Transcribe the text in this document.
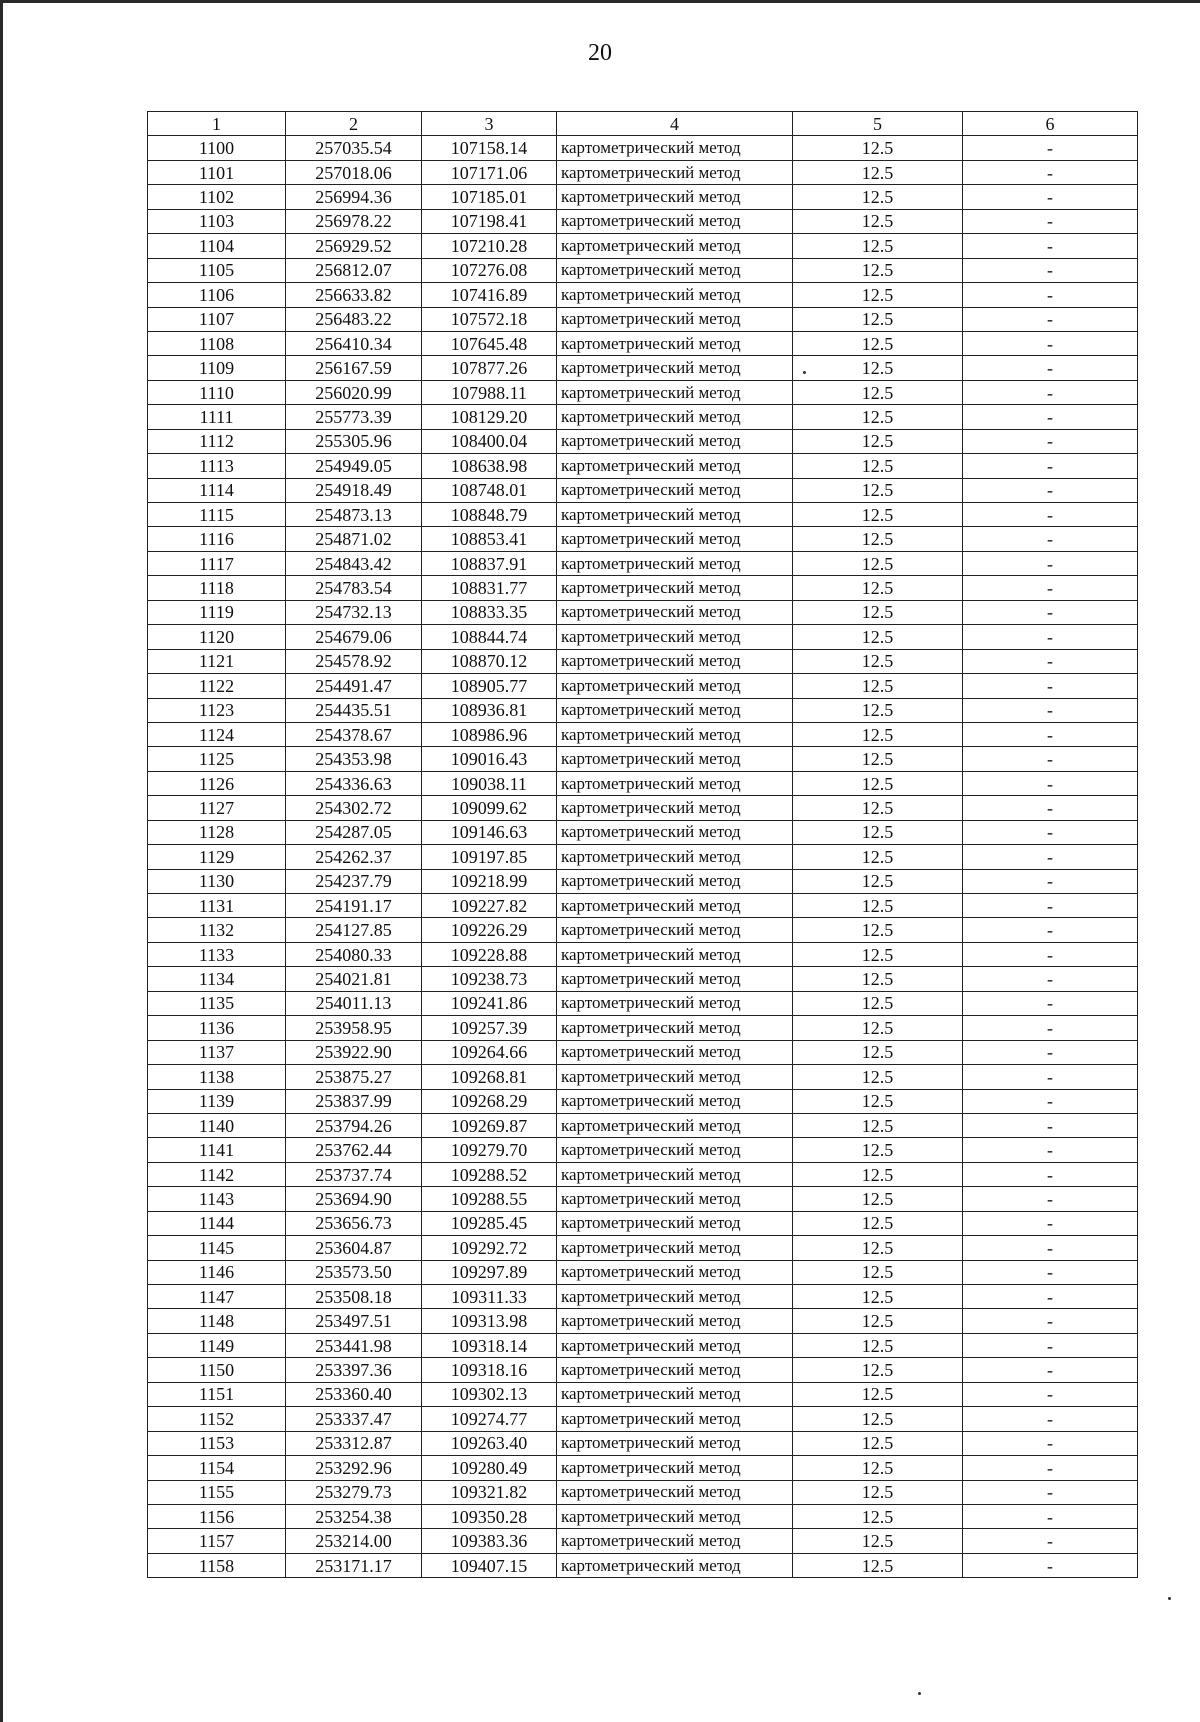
20
1	2	3	4	5	6
1100	257035.54	107158.14	картометрический метод	12.5	-
1101	257018.06	107171.06	картометрический метод	12.5	-
1102	256994.36	107185.01	картометрический метод	12.5	-
1103	256978.22	107198.41	картометрический метод	12.5	-
1104	256929.52	107210.28	картометрический метод	12.5	-
1105	256812.07	107276.08	картометрический метод	12.5	-
1106	256633.82	107416.89	картометрический метод	12.5	-
1107	256483.22	107572.18	картометрический метод	12.5	-
1108	256410.34	107645.48	картометрический метод	12.5	-
1109	256167.59	107877.26	картометрический метод	12.5	-
1110	256020.99	107988.11	картометрический метод	12.5	-
1111	255773.39	108129.20	картометрический метод	12.5	-
1112	255305.96	108400.04	картометрический метод	12.5	-
1113	254949.05	108638.98	картометрический метод	12.5	-
1114	254918.49	108748.01	картометрический метод	12.5	-
1115	254873.13	108848.79	картометрический метод	12.5	-
1116	254871.02	108853.41	картометрический метод	12.5	-
1117	254843.42	108837.91	картометрический метод	12.5	-
1118	254783.54	108831.77	картометрический метод	12.5	-
1119	254732.13	108833.35	картометрический метод	12.5	-
1120	254679.06	108844.74	картометрический метод	12.5	-
1121	254578.92	108870.12	картометрический метод	12.5	-
1122	254491.47	108905.77	картометрический метод	12.5	-
1123	254435.51	108936.81	картометрический метод	12.5	-
1124	254378.67	108986.96	картометрический метод	12.5	-
1125	254353.98	109016.43	картометрический метод	12.5	-
1126	254336.63	109038.11	картометрический метод	12.5	-
1127	254302.72	109099.62	картометрический метод	12.5	-
1128	254287.05	109146.63	картометрический метод	12.5	-
1129	254262.37	109197.85	картометрический метод	12.5	-
1130	254237.79	109218.99	картометрический метод	12.5	-
1131	254191.17	109227.82	картометрический метод	12.5	-
1132	254127.85	109226.29	картометрический метод	12.5	-
1133	254080.33	109228.88	картометрический метод	12.5	-
1134	254021.81	109238.73	картометрический метод	12.5	-
1135	254011.13	109241.86	картометрический метод	12.5	-
1136	253958.95	109257.39	картометрический метод	12.5	-
1137	253922.90	109264.66	картометрический метод	12.5	-
1138	253875.27	109268.81	картометрический метод	12.5	-
1139	253837.99	109268.29	картометрический метод	12.5	-
1140	253794.26	109269.87	картометрический метод	12.5	-
1141	253762.44	109279.70	картометрический метод	12.5	-
1142	253737.74	109288.52	картометрический метод	12.5	-
1143	253694.90	109288.55	картометрический метод	12.5	-
1144	253656.73	109285.45	картометрический метод	12.5	-
1145	253604.87	109292.72	картометрический метод	12.5	-
1146	253573.50	109297.89	картометрический метод	12.5	-
1147	253508.18	109311.33	картометрический метод	12.5	-
1148	253497.51	109313.98	картометрический метод	12.5	-
1149	253441.98	109318.14	картометрический метод	12.5	-
1150	253397.36	109318.16	картометрический метод	12.5	-
1151	253360.40	109302.13	картометрический метод	12.5	-
1152	253337.47	109274.77	картометрический метод	12.5	-
1153	253312.87	109263.40	картометрический метод	12.5	-
1154	253292.96	109280.49	картометрический метод	12.5	-
1155	253279.73	109321.82	картометрический метод	12.5	-
1156	253254.38	109350.28	картометрический метод	12.5	-
1157	253214.00	109383.36	картометрический метод	12.5	-
1158	253171.17	109407.15	картометрический метод	12.5	-
